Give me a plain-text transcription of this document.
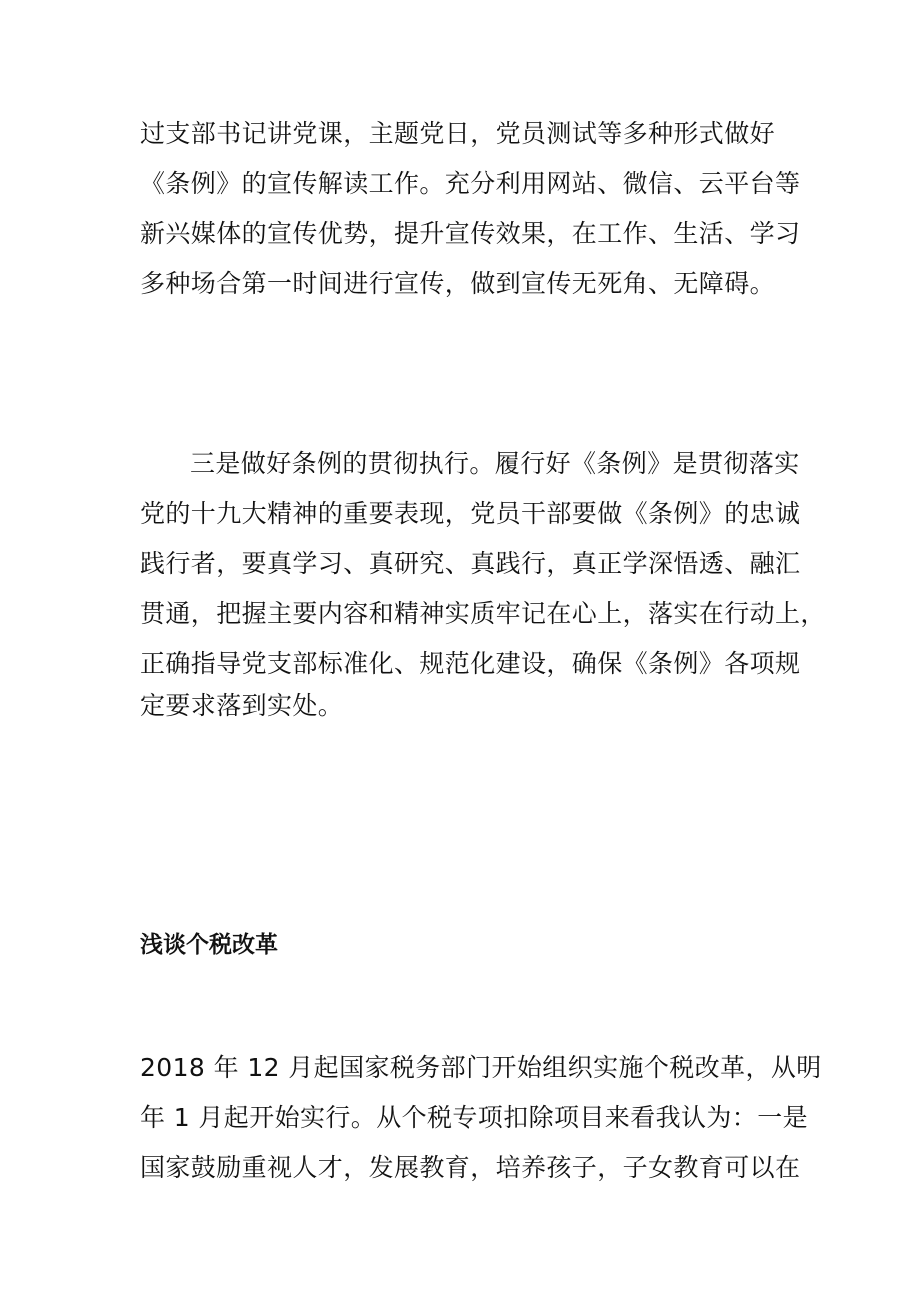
过支部书记讲党课，主题党日，党员测试等多种形式做好
《条例》的宣传解读工作。充分利用网站、微信、云平台等
新兴媒体的宣传优势，提升宣传效果，在工作、生活、学习
多种场合第一时间进行宣传，做到宣传无死角、无障碍。
三是做好条例的贯彻执行。履行好《条例》是贯彻落实
党的十九大精神的重要表现，党员干部要做《条例》的忠诚
践行者，要真学习、真研究、真践行，真正学深悟透、融汇
贯通，把握主要内容和精神实质牢记在心上，落实在行动上，
正确指导党支部标准化、规范化建设，确保《条例》各项规
定要求落到实处。
浅谈个税改革
2018 年 12 月起国家税务部门开始组织实施个税改革，从明
年 1 月起开始实行。从个税专项扣除项目来看我认为：一是
国家鼓励重视人才，发展教育，培养孩子，子女教育可以在
